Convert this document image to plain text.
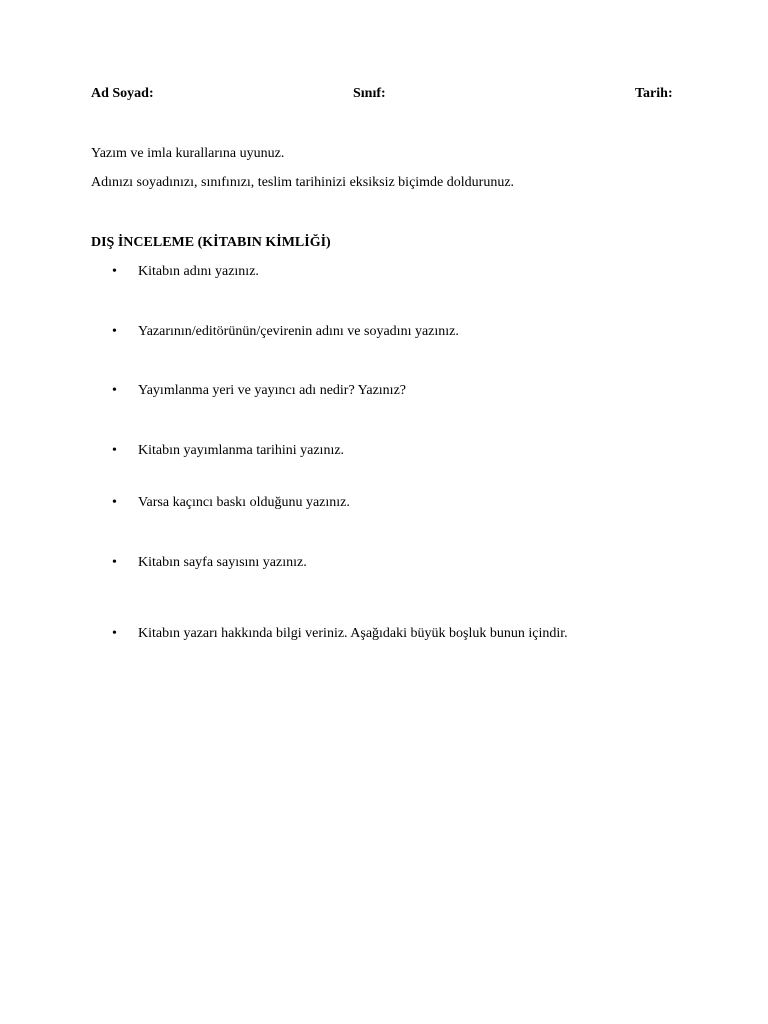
Ad Soyad:	Sınıf:	Tarih:
Yazım ve imla kurallarına uyunuz.
Adınızı soyadınızı, sınıfınızı, teslim tarihinizi eksiksiz biçimde doldurunuz.
DIŞ İNCELEME (KİTABIN KİMLİĞİ)
• Kitabın adını yazınız.
• Yazarının/editörünün/çevirenin adını ve soyadını yazınız.
• Yayımlanma yeri ve yayıncı adı nedir? Yazınız?
• Kitabın yayımlanma tarihini yazınız.
• Varsa kaçıncı baskı olduğunu yazınız.
• Kitabın sayfa sayısını yazınız.
• Kitabın yazarı hakkında bilgi veriniz. Aşağıdaki büyük boşluk bunun içindir.
